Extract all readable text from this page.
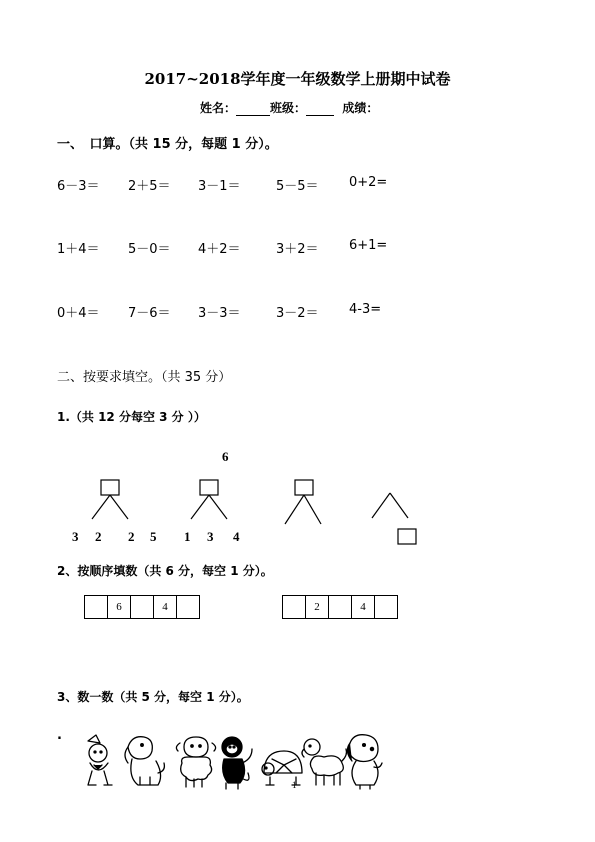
2017~2018学年度一年级数学上册期中试卷
姓名：	班级：	成绩：
一、　口算。（共 15 分，每题 1 分）。
6－3＝ 2＋5＝ 3－1＝	5－5＝ 0+2=
1＋4＝ 5－0＝ 4＋2＝	3＋2＝ 6+1=
0＋4＝ 7－6＝ 3－3＝	3－2＝ 4-3=
二、按要求填空。（共 35 分）
1.（共 12 分每空 3 分 ））
6
3 2 2 5 1 3 4
2、按顺序填数（共 6 分，每空 1 分）。
6	4	2	4
3、数一数（共 5 分，每空 1 分）。
.
1
